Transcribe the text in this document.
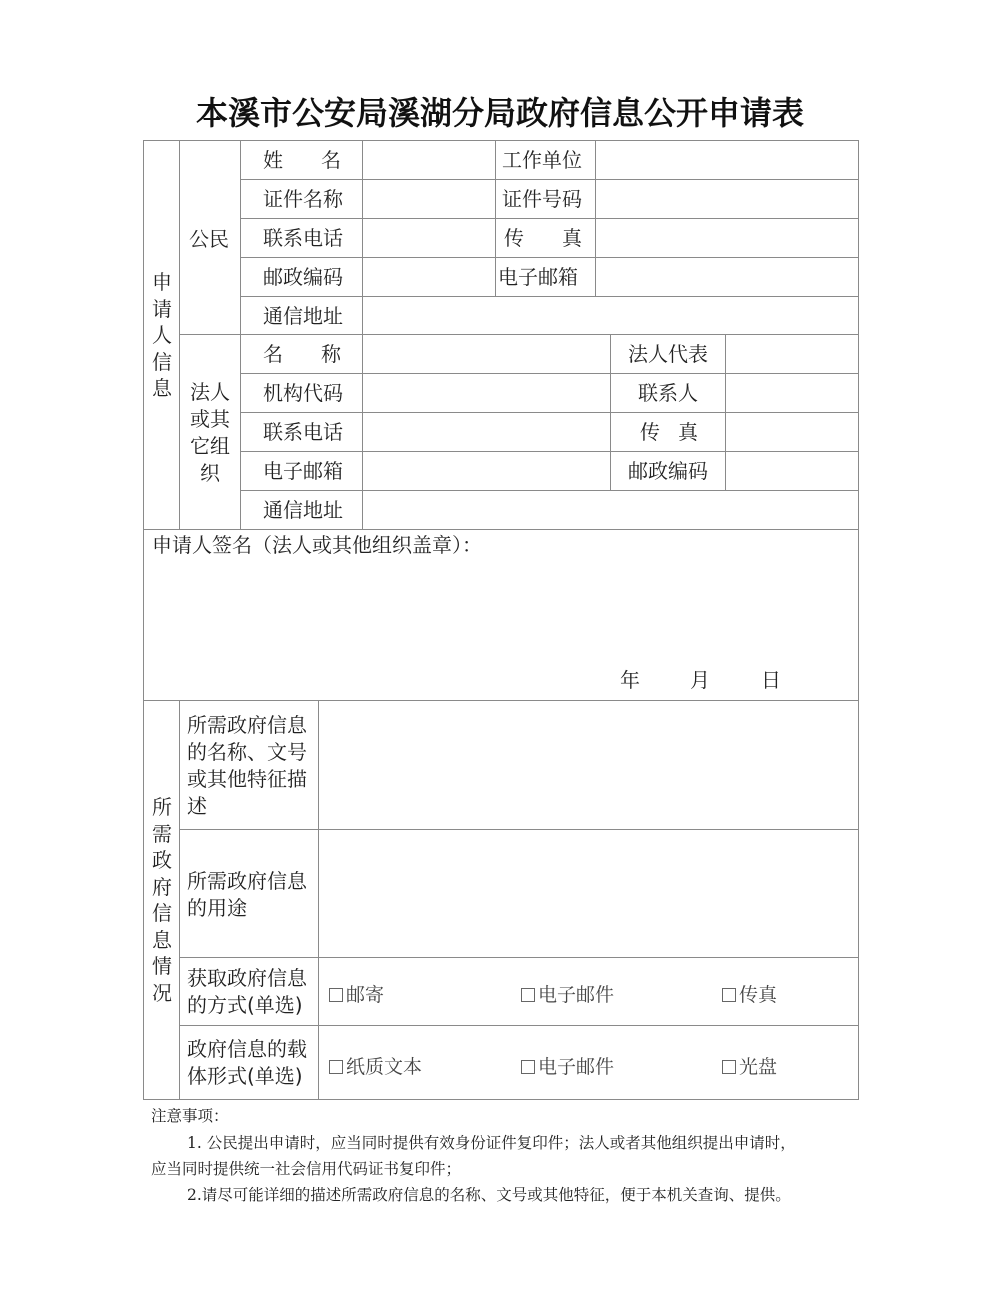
本溪市公安局溪湖分局政府信息公开申请表
申请人信息
公民
姓 名	工作单位
证件名称	证件号码
联系电话	传 真
邮政编码	电子邮箱
通信地址
法人或其它组织
名 称	法人代表
机构代码	联系人
联系电话	传 真
电子邮箱	邮政编码
通信地址
申请人签名（法人或其他组织盖章）：
年	月	日
所需政府信息情况
所需政府信息的名称、文号或其他特征描述
所需政府信息的用途
获取政府信息的方式(单选)	邮寄	电子邮件	传真
政府信息的载体形式(单选)	纸质文本	电子邮件	光盘
注意事项：
1. 公民提出申请时，应当同时提供有效身份证件复印件；法人或者其他组织提出申请时，
应当同时提供统一社会信用代码证书复印件；
2.请尽可能详细的描述所需政府信息的名称、文号或其他特征，便于本机关查询、提供。
